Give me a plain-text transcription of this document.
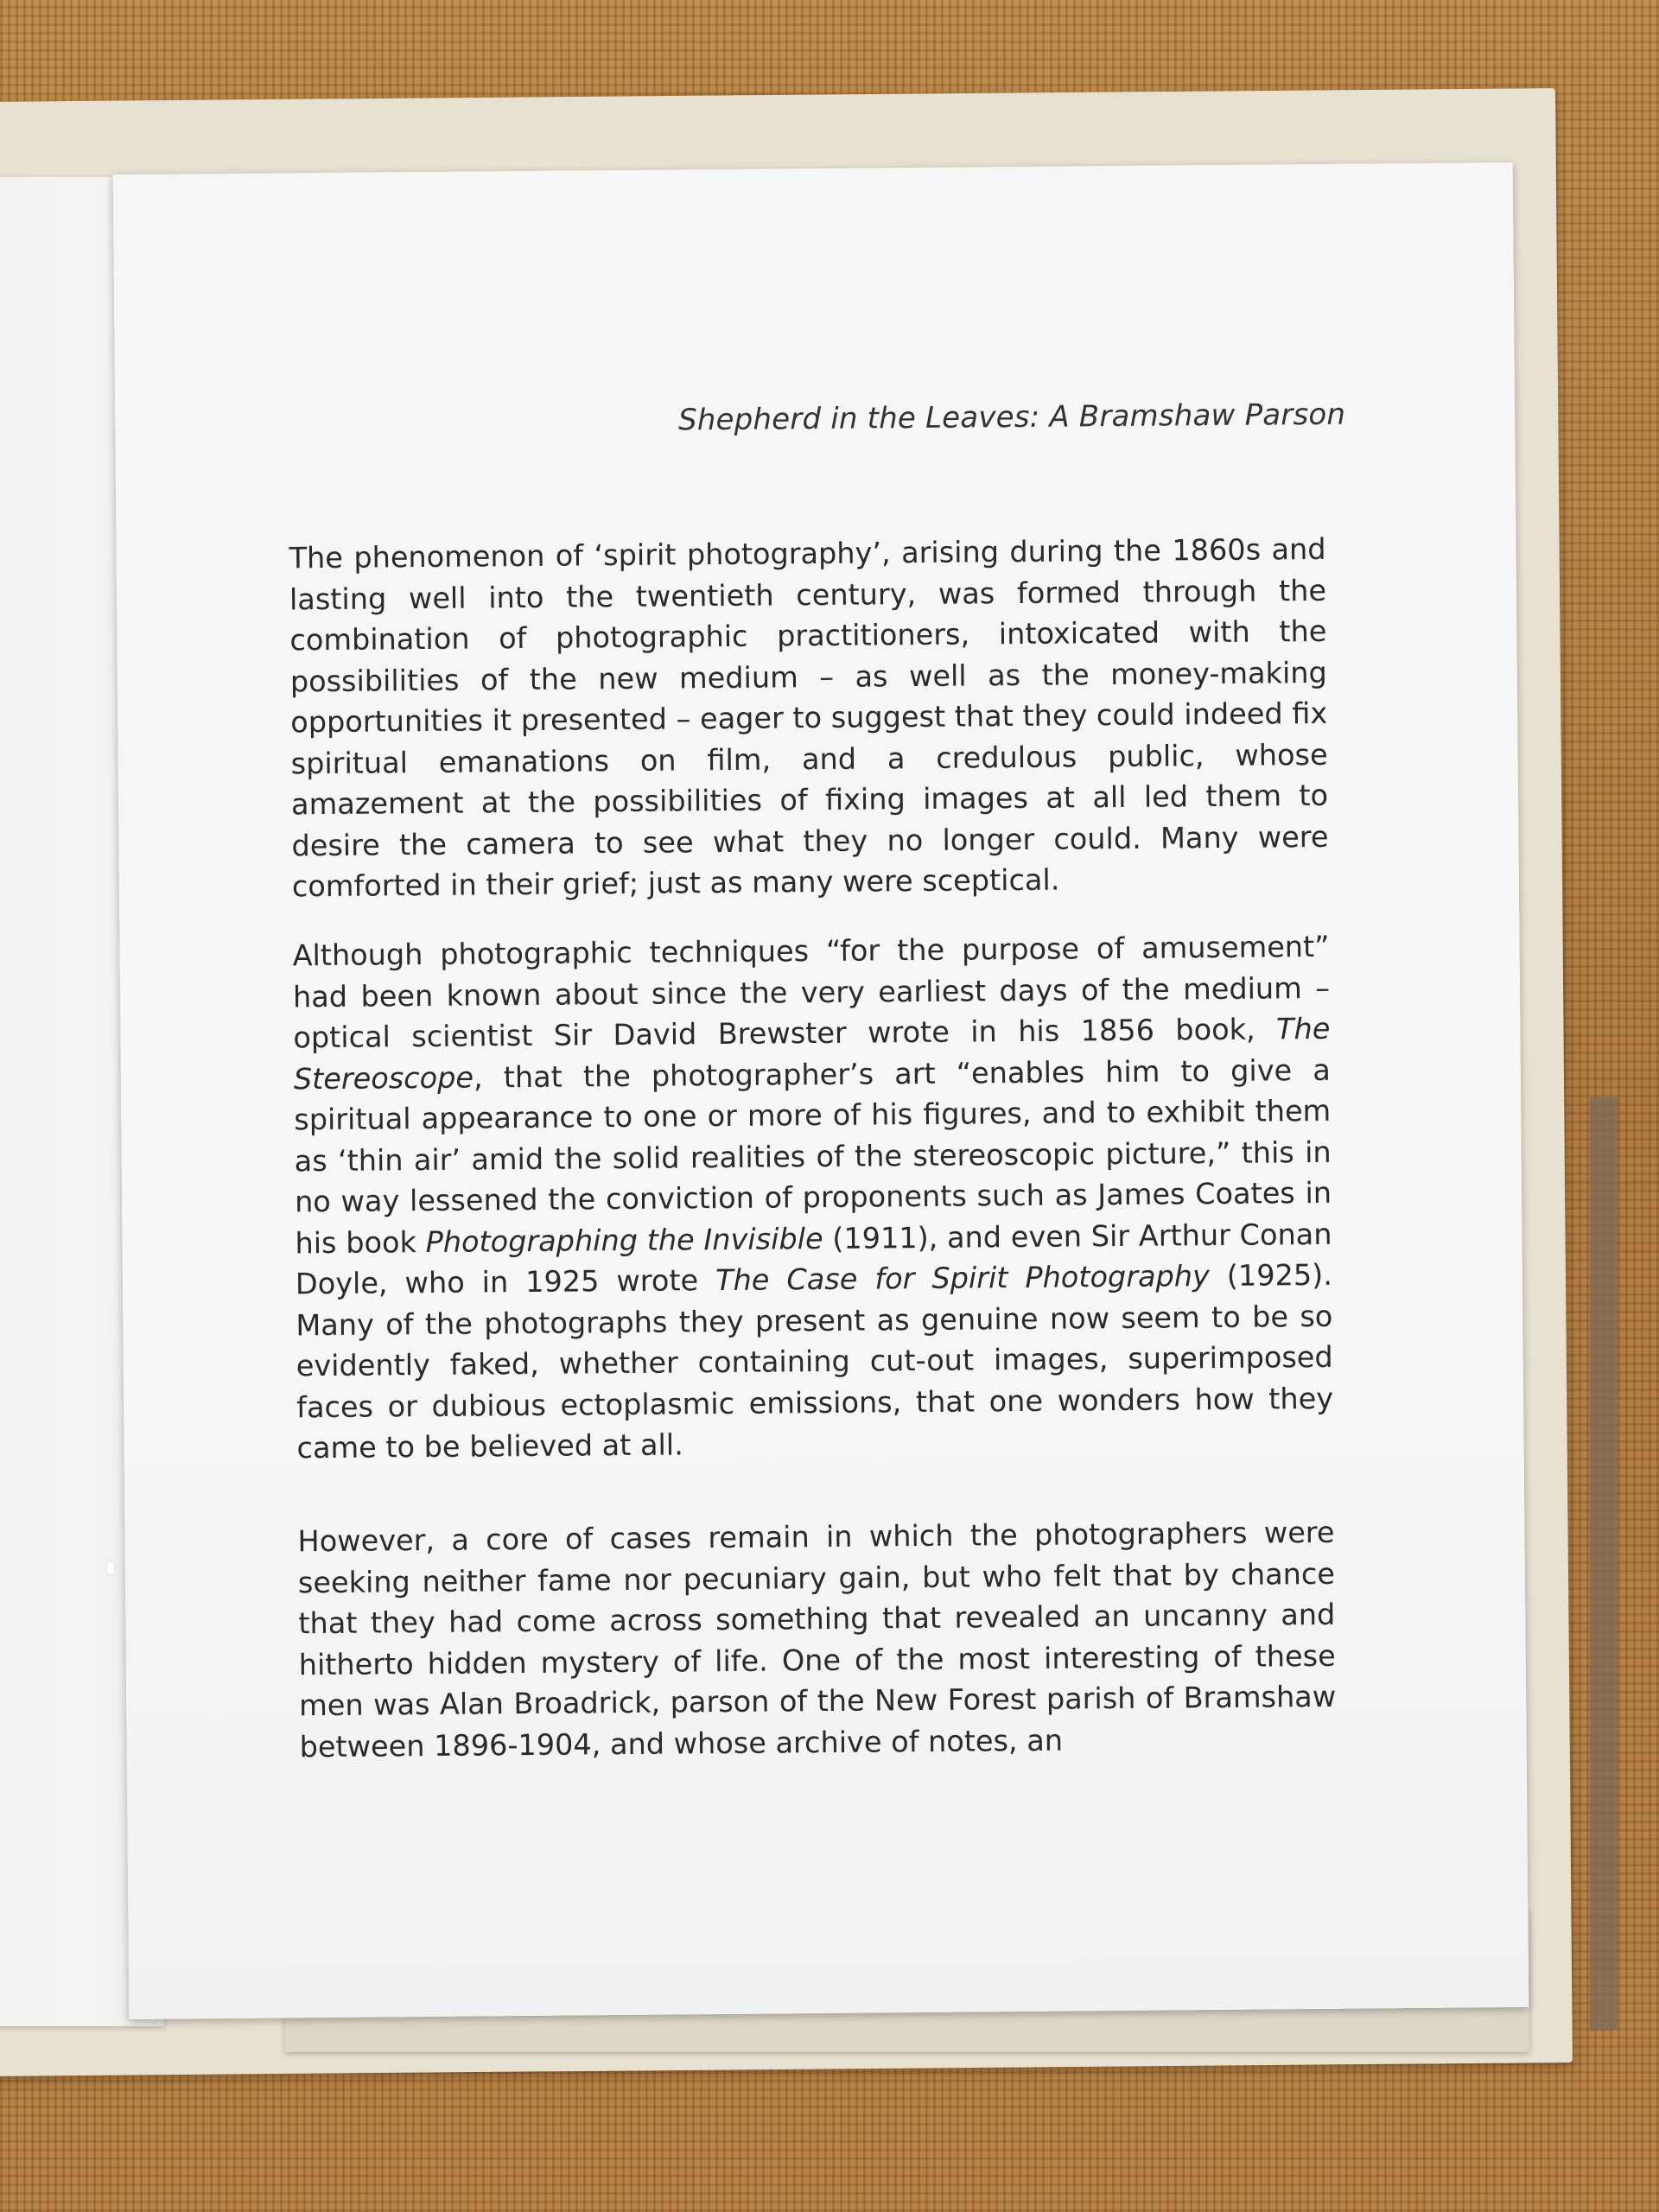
Shepherd in the Leaves: A Bramshaw Parson

The phenomenon of ‘spirit photography’, arising during the 1860s and lasting well into the twentieth century, was formed through the combination of photographic practitioners, intoxicated with the possibilities of the new medium – as well as the money-making opportunities it presented – eager to suggest that they could indeed fix spiritual emanations on film, and a credulous public, whose amazement at the possibilities of fixing images at all led them to desire the camera to see what they no longer could. Many were comforted in their grief; just as many were sceptical.

Although photographic techniques “for the purpose of amusement” had been known about since the very earliest days of the medium – optical scientist Sir David Brewster wrote in his 1856 book, The Stereoscope, that the photographer’s art “enables him to give a spiritual appearance to one or more of his figures, and to exhibit them as ‘thin air’ amid the solid realities of the stereoscopic picture,” this in no way lessened the conviction of proponents such as James Coates in his book Photographing the Invisible (1911), and even Sir Arthur Conan Doyle, who in 1925 wrote The Case for Spirit Photography (1925). Many of the photographs they present as genuine now seem to be so evidently faked, whether containing cut-out images, superimposed faces or dubious ectoplasmic emissions, that one wonders how they came to be believed at all.

However, a core of cases remain in which the photographers were seeking neither fame nor pecuniary gain, but who felt that by chance that they had come across something that revealed an uncanny and hitherto hidden mystery of life. One of the most interesting of these men was Alan Broadrick, parson of the New Forest parish of Bramshaw between 1896-1904, and whose archive of notes, an
